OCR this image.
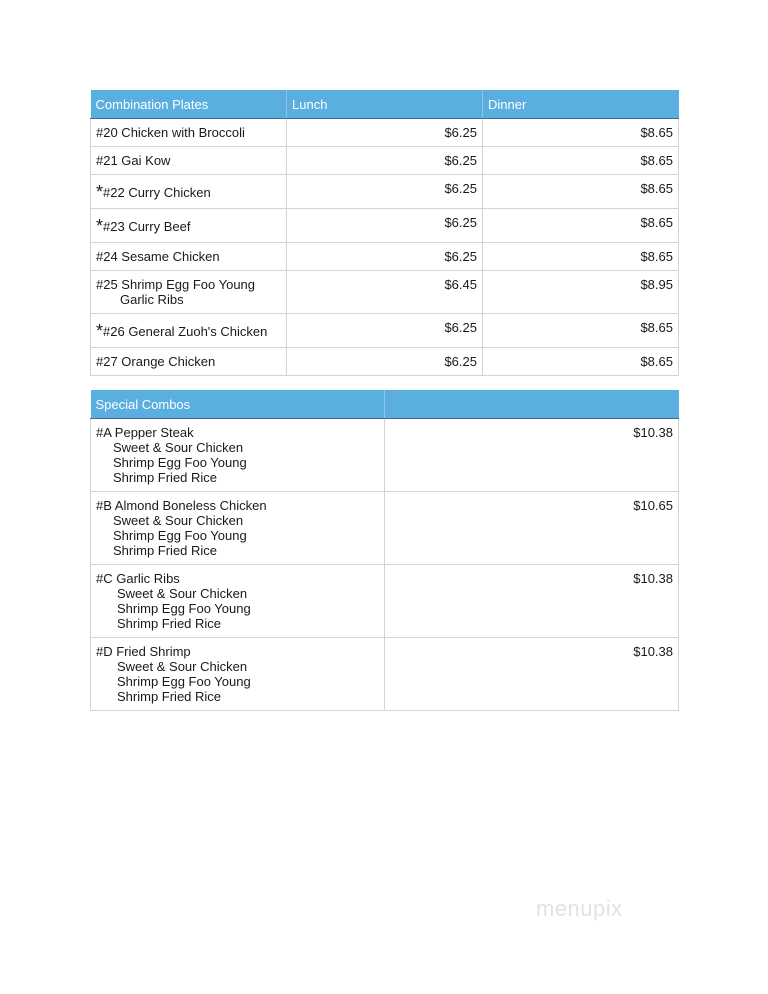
Combination Plates	Lunch	Dinner
#20 Chicken with Broccoli	$6.25	$8.65
#21 Gai Kow	$6.25	$8.65
*#22 Curry Chicken	$6.25	$8.65
*#23 Curry Beef	$6.25	$8.65
#24 Sesame Chicken	$6.25	$8.65
#25 Shrimp Egg Foo Young
Garlic Ribs	$6.45	$8.95
*#26 General Zuoh's Chicken	$6.25	$8.65
#27 Orange Chicken	$6.25	$8.65
Special Combos	

#A Pepper Steak
Sweet & Sour Chicken
Shrimp Egg Foo Young
Shrimp Fried Rice	$10.38

#B Almond Boneless Chicken
Sweet & Sour Chicken
Shrimp Egg Foo Young
Shrimp Fried Rice	$10.65

#C Garlic Ribs
Sweet & Sour Chicken
Shrimp Egg Foo Young
Shrimp Fried Rice	$10.38

#D Fried Shrimp
Sweet & Sour Chicken
Shrimp Egg Foo Young
Shrimp Fried Rice	$10.38
menupix
